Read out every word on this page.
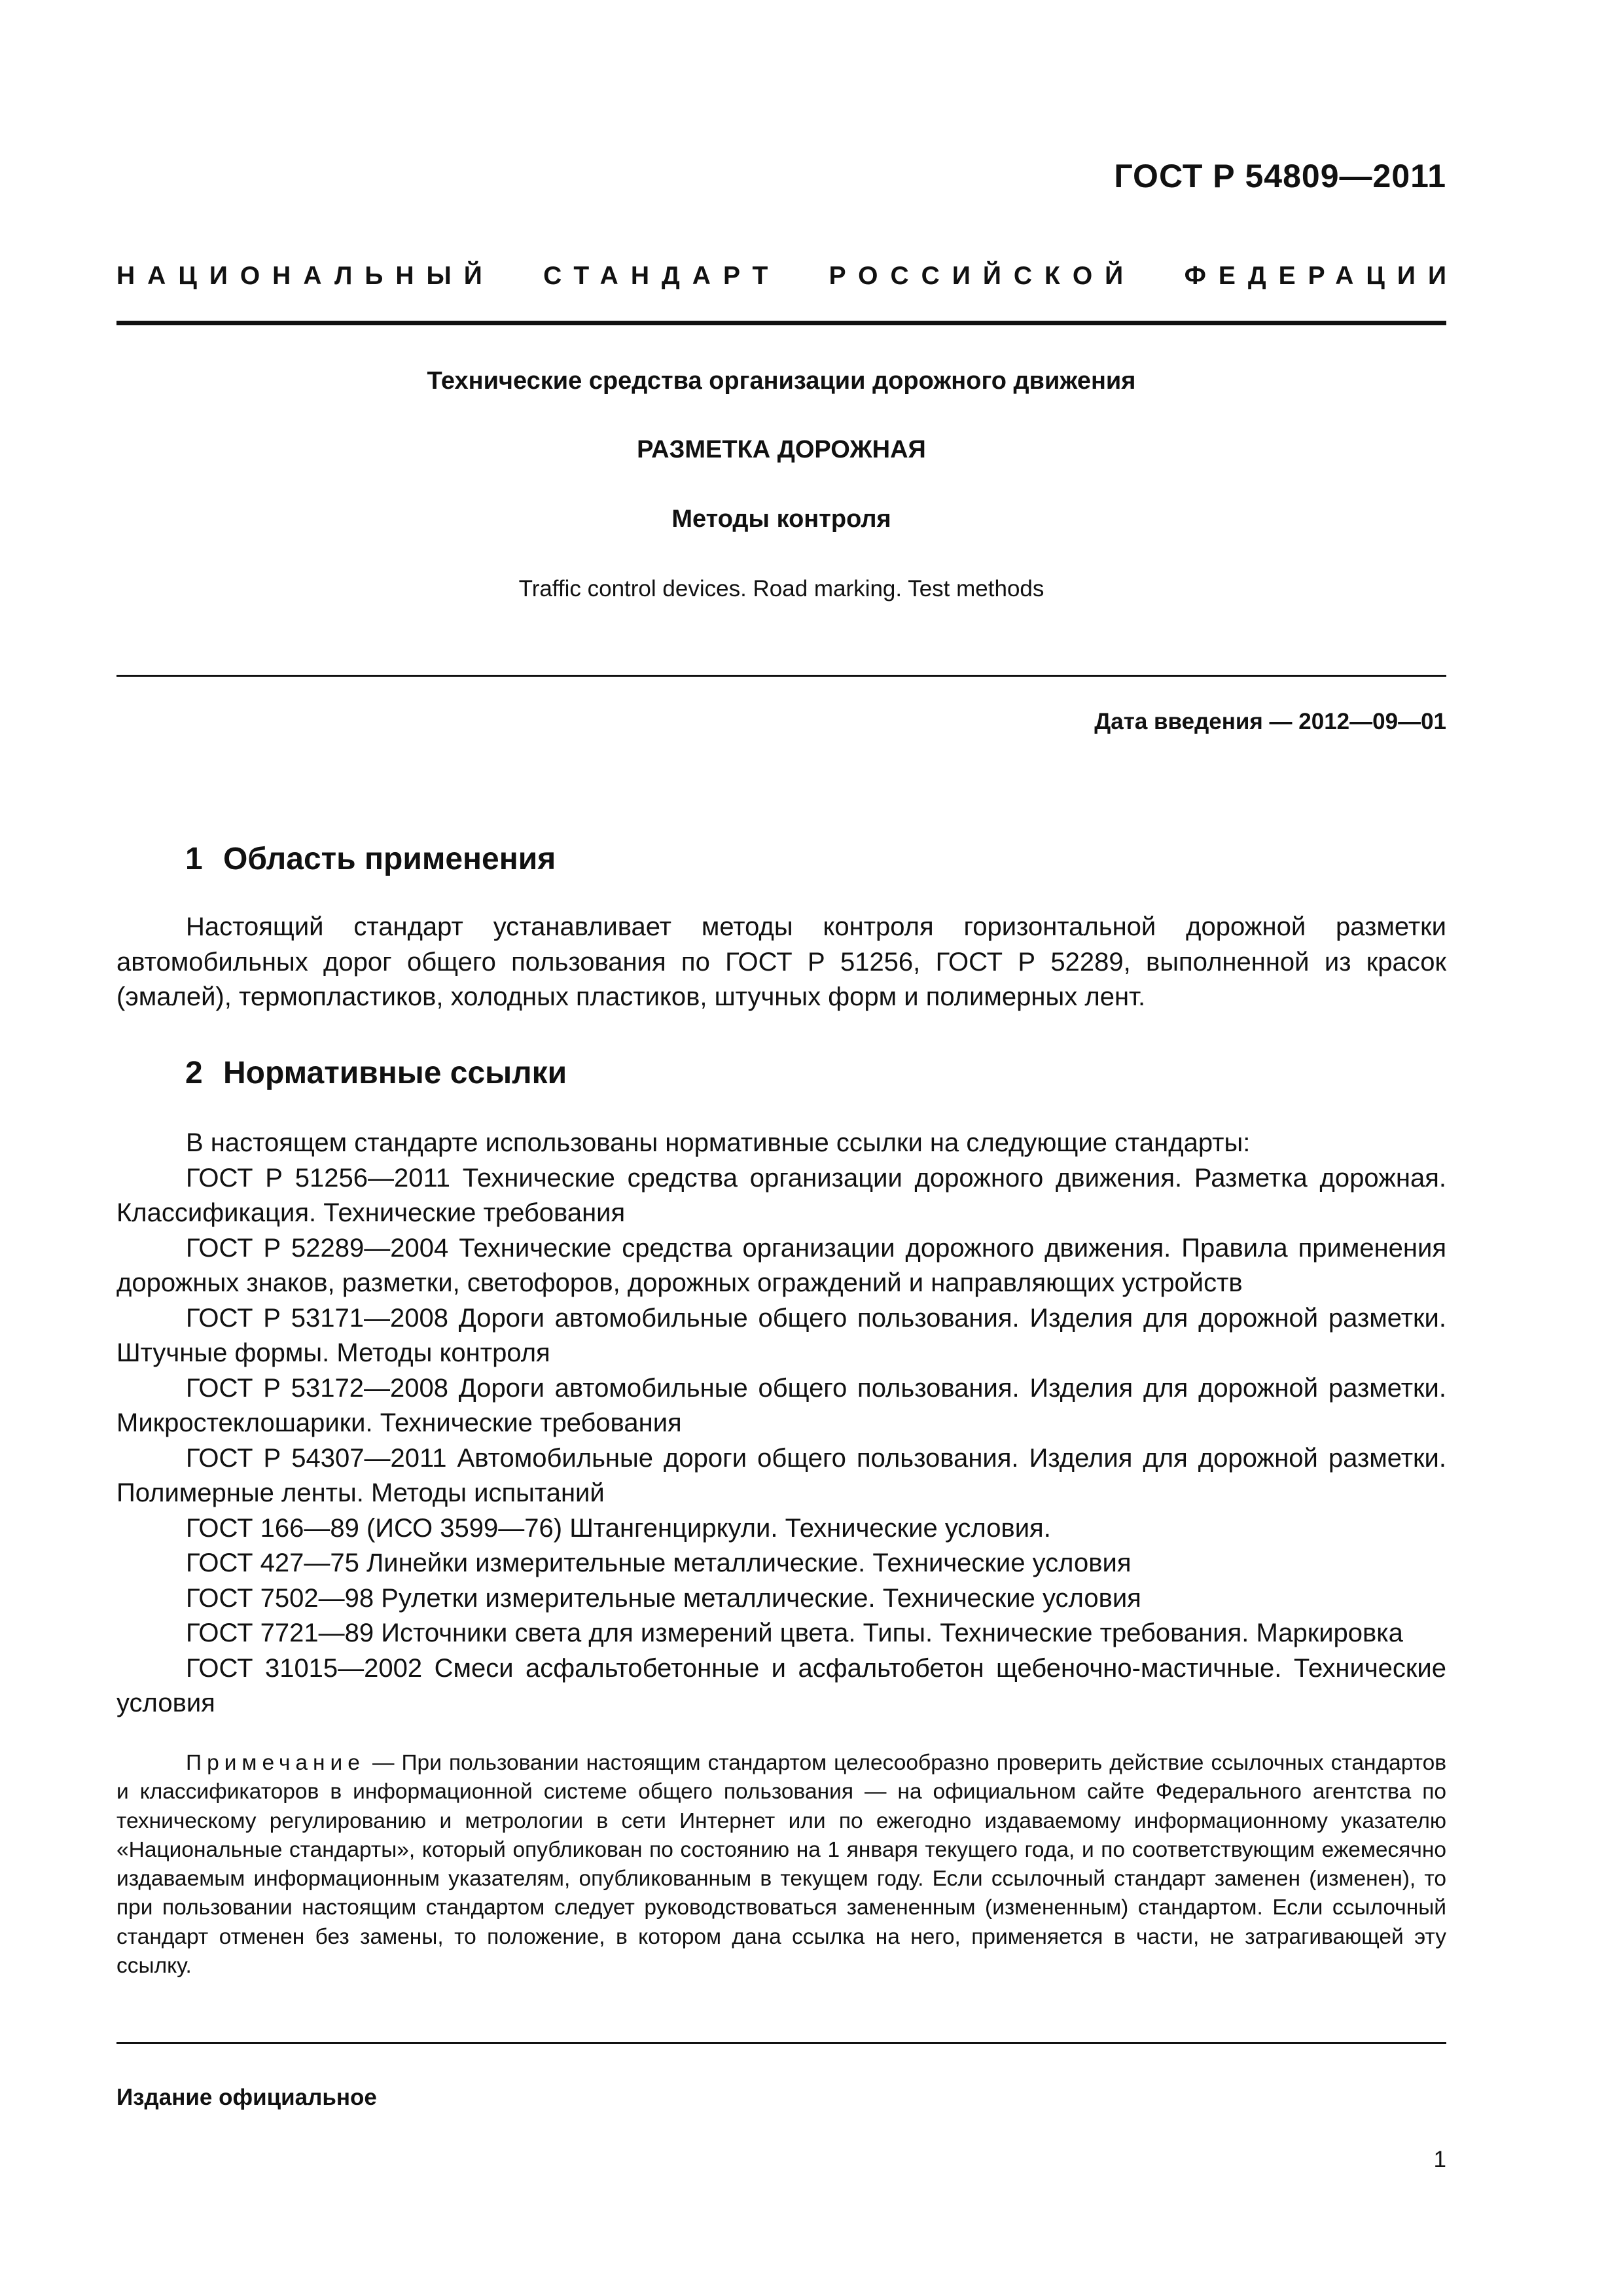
ГОСТ Р 54809—2011
НАЦИОНАЛЬНЫЙ СТАНДАРТ РОССИЙСКОЙ ФЕДЕРАЦИИ
Технические средства организации дорожного движения
РАЗМЕТКА ДОРОЖНАЯ
Методы контроля
Traffic control devices. Road marking. Test methods
Дата введения — 2012—09—01
1 Область применения

Настоящий стандарт устанавливает методы контроля горизонтальной дорожной разметки автомобильных дорог общего пользования по ГОСТ Р 51256, ГОСТ Р 52289, выполненной из красок (эмалей), термопластиков, холодных пластиков, штучных форм и полимерных лент.

2 Нормативные ссылки

В настоящем стандарте использованы нормативные ссылки на следующие стандарты:

ГОСТ Р 51256—2011 Технические средства организации дорожного движения. Разметка дорожная. Классификация. Технические требования

ГОСТ Р 52289—2004 Технические средства организации дорожного движения. Правила применения дорожных знаков, разметки, светофоров, дорожных ограждений и направляющих устройств

ГОСТ Р 53171—2008 Дороги автомобильные общего пользования. Изделия для дорожной разметки. Штучные формы. Методы контроля

ГОСТ Р 53172—2008 Дороги автомобильные общего пользования. Изделия для дорожной разметки. Микростеклошарики. Технические требования

ГОСТ Р 54307—2011 Автомобильные дороги общего пользования. Изделия для дорожной разметки. Полимерные ленты. Методы испытаний

ГОСТ 166—89 (ИСО 3599—76) Штангенциркули. Технические условия.

ГОСТ 427—75 Линейки измерительные металлические. Технические условия

ГОСТ 7502—98 Рулетки измерительные металлические. Технические условия

ГОСТ 7721—89 Источники света для измерений цвета. Типы. Технические требования. Маркировка

ГОСТ 31015—2002 Смеси асфальтобетонные и асфальтобетон щебеночно-мастичные. Технические условия

Примечание — При пользовании настоящим стандартом целесообразно проверить действие ссылочных стандартов и классификаторов в информационной системе общего пользования — на официальном сайте Федерального агентства по техническому регулированию и метрологии в сети Интернет или по ежегодно издаваемому информационному указателю «Национальные стандарты», который опубликован по состоянию на 1 января текущего года, и по соответствующим ежемесячно издаваемым информационным указателям, опубликованным в текущем году. Если ссылочный стандарт заменен (изменен), то при пользовании настоящим стандартом следует руководствоваться замененным (измененным) стандартом. Если ссылочный стандарт отменен без замены, то положение, в котором дана ссылка на него, применяется в части, не затрагивающей эту ссылку.

Издание официальное
1
